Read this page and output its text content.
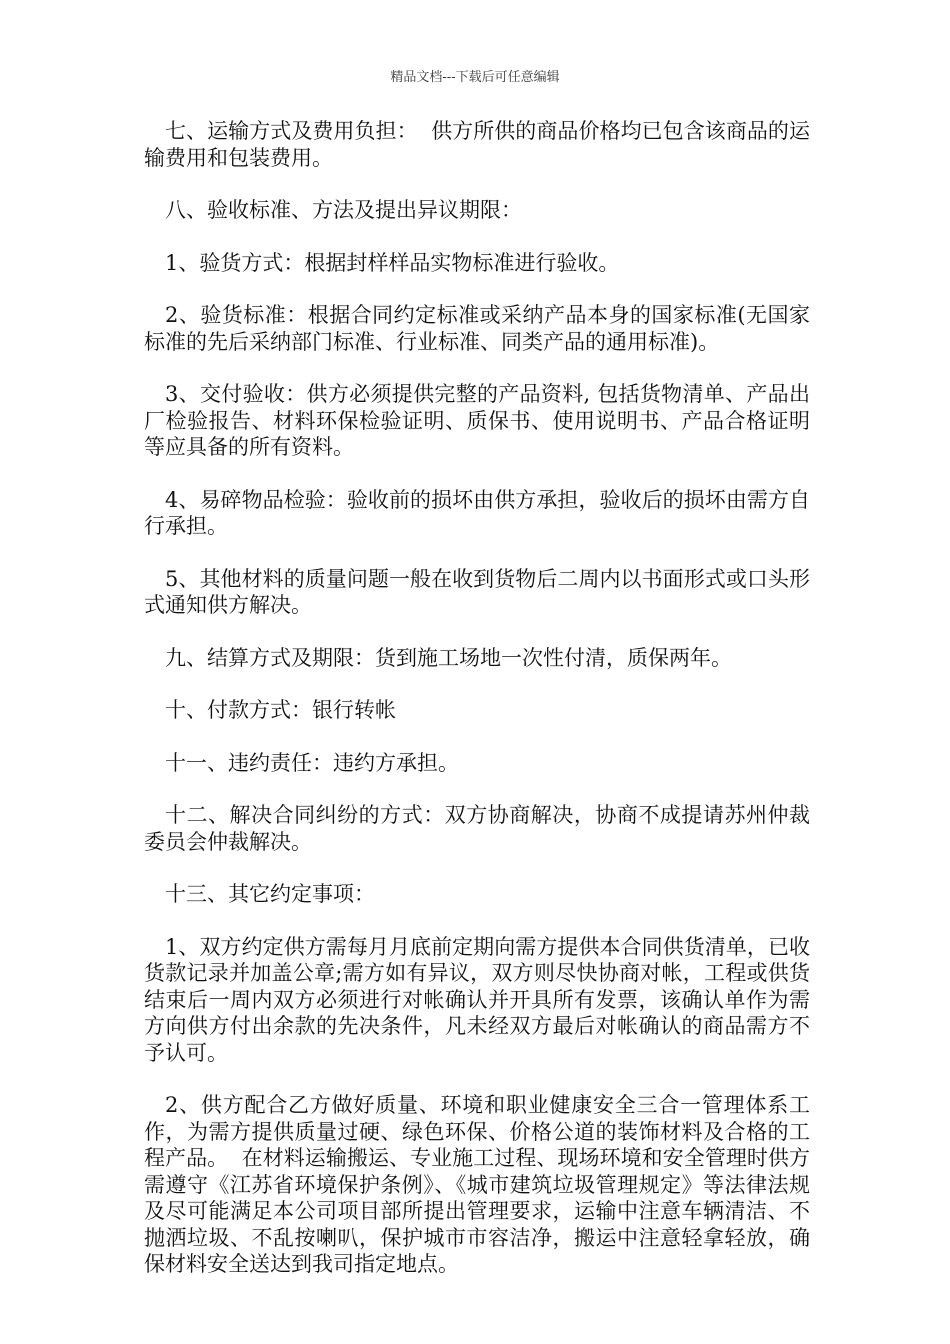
精品文档---下载后可任意编辑

七、运输方式及费用负担：  供方所供的商品价格均已包含该商品的运输费用和包装费用。

八、验收标准、方法及提出异议期限：

1、验货方式：根据封样样品实物标准进行验收。

2、验货标准：根据合同约定标准或采纳产品本身的国家标准(无国家标准的先后采纳部门标准、行业标准、同类产品的通用标准)。

3、交付验收：供方必须提供完整的产品资料, 包括货物清单、产品出厂检验报告、材料环保检验证明、质保书、使用说明书、产品合格证明等应具备的所有资料。

4、易碎物品检验：验收前的损坏由供方承担，验收后的损坏由需方自行承担。

5、其他材料的质量问题一般在收到货物后二周内以书面形式或口头形式通知供方解决。

九、结算方式及期限：货到施工场地一次性付清，质保两年。

十、付款方式：银行转帐

十一、违约责任：违约方承担。

十二、解决合同纠纷的方式：双方协商解决，协商不成提请苏州仲裁委员会仲裁解决。

十三、其它约定事项：

1、双方约定供方需每月月底前定期向需方提供本合同供货清单，已收货款记录并加盖公章;需方如有异议，双方则尽快协商对帐，工程或供货结束后一周内双方必须进行对帐确认并开具所有发票，该确认单作为需方向供方付出余款的先决条件，凡未经双方最后对帐确认的商品需方不予认可。

2、供方配合乙方做好质量、环境和职业健康安全三合一管理体系工作，为需方提供质量过硬、绿色环保、价格公道的装饰材料及合格的工程产品。  在材料运输搬运、专业施工过程、现场环境和安全管理时供方需遵守《江苏省环境保护条例》、《城市建筑垃圾管理规定》等法律法规及尽可能满足本公司项目部所提出管理要求，运输中注意车辆清洁、不抛洒垃圾、不乱按喇叭，保护城市市容洁净，搬运中注意轻拿轻放，确保材料安全送达到我司指定地点。
